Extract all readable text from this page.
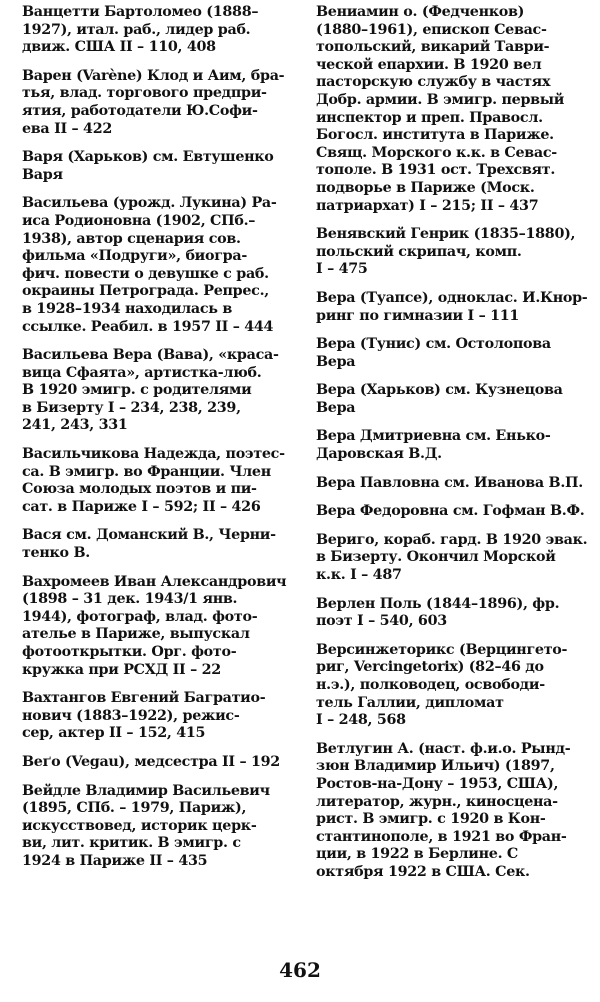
Ванцетти Бартоломео (1888–
1927), итал. раб., лидер раб.
движ. США II – 110, 408
Варен (Varène) Клод и Аим, бра-
тья, влад. торгового предпри-
ятия, работодатели Ю.Софи-
ева II – 422
Варя (Харьков) см. Евтушенко
Варя
Васильева (урожд. Лукина) Ра-
иса Родионовна (1902, СПб.–
1938), автор сценария сов.
фильма «Подруги», биогра-
фич. повести о девушке с раб.
окраины Петрограда. Репрес.,
в 1928–1934 находилась в
ссылке. Реабил. в 1957 II – 444
Васильева Вера (Вава), «краса-
вица Сфаята», артистка-люб.
В 1920 эмигр. с родителями
в Бизерту I – 234, 238, 239,
241, 243, 331
Васильчикова Надежда, поэтес-
са. В эмигр. во Франции. Член
Союза молодых поэтов и пи-
сат. в Париже I – 592; II – 426
Вася см. Доманский В., Черни-
тенко В.
Вахромеев Иван Александрович
(1898 – 31 дек. 1943/1 янв.
1944), фотограф, влад. фото-
ателье в Париже, выпускал
фотооткрытки. Орг. фото-
кружка при РСХД II – 22
Вахтангов Евгений Багратио-
нович (1883–1922), режис-
сер, актер II – 152, 415
Веґо (Vegau), медсестра II – 192
Вейдле Владимир Васильевич
(1895, СПб. – 1979, Париж),
искусствовед, историк церк-
ви, лит. критик. В эмигр. с
1924 в Париже II – 435
Вениамин о. (Федченков)
(1880–1961), епископ Севас-
топольский, викарий Таври-
ческой епархии. В 1920 вел
пасторскую службу в частях
Добр. армии. В эмигр. первый
инспектор и преп. Правосл.
Богосл. института в Париже.
Свящ. Морского к.к. в Севас-
тополе. В 1931 ост. Трехсвят.
подворье в Париже (Моск.
патриархат) I – 215; II – 437
Венявский Генрик (1835–1880),
польский скрипач, комп.
I – 475
Вера (Туапсе), однoклас. И.Кнор-
ринг по гимназии I – 111
Вера (Тунис) см. Остолопова
Вера
Вера (Харьков) см. Кузнецова
Вера
Вера Дмитриевна см. Енько-
Даровская В.Д.
Вера Павловна см. Иванова В.П.
Вера Федоровна см. Гофман В.Ф.
Вериго, кораб. гард. В 1920 эвак.
в Бизерту. Окончил Морской
к.к. I – 487
Верлен Поль (1844–1896), фр.
поэт I – 540, 603
Версинжеторикс (Верцингето-
риг, Vercingetorix) (82–46 до
н.э.), полководец, освободи-
тель Галлии, дипломат
I – 248, 568
Ветлугин А. (наст. ф.и.о. Рынд-
зюн Владимир Ильич) (1897,
Ростов-на-Дону – 1953, США),
литератор, журн., киносцена-
рист. В эмигр. с 1920 в Кон-
стантинополе, в 1921 во Фран-
ции, в 1922 в Берлине. С
октября 1922 в США. Сек.
462
